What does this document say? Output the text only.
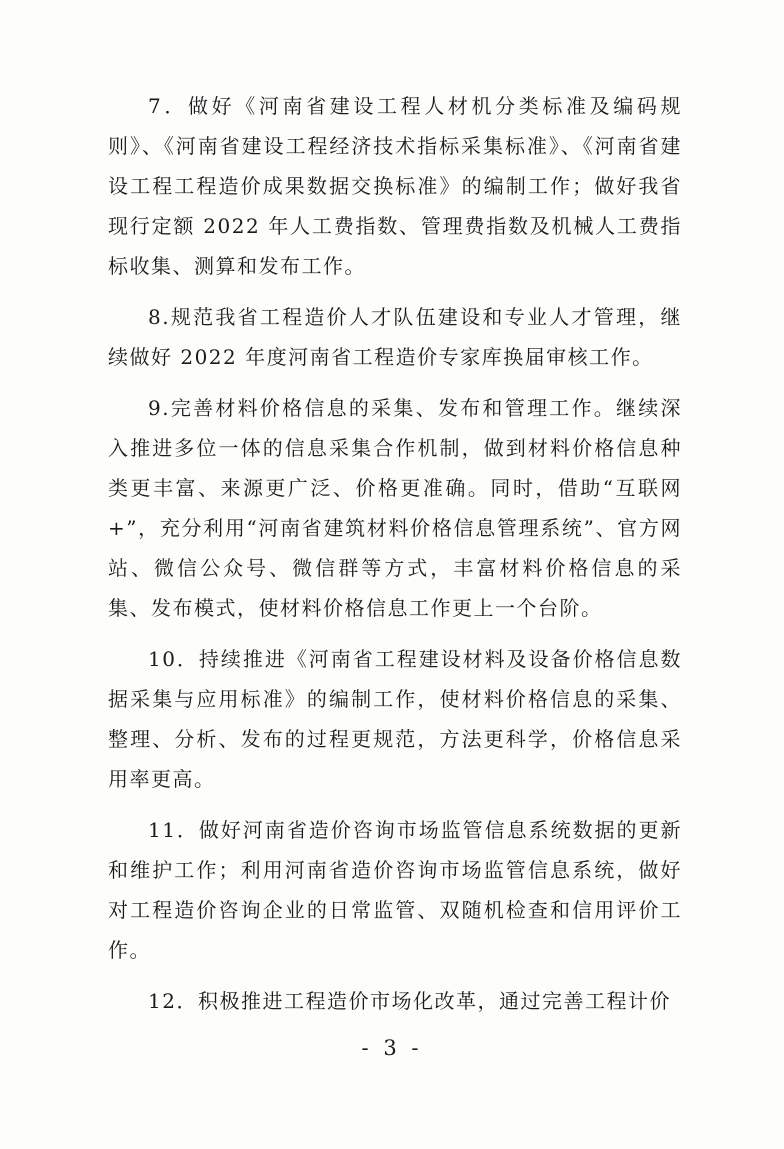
7．做好《河南省建设工程人材机分类标准及编码规则》、《河南省建设工程经济技术指标采集标准》、《河南省建设工程工程造价成果数据交换标准》的编制工作；做好我省现行定额 2022 年人工费指数、管理费指数及机械人工费指标收集、测算和发布工作。

8.规范我省工程造价人才队伍建设和专业人才管理，继续做好 2022 年度河南省工程造价专家库换届审核工作。

9.完善材料价格信息的采集、发布和管理工作。继续深入推进多位一体的信息采集合作机制，做到材料价格信息种类更丰富、来源更广泛、价格更准确。同时，借助“互联网+”，充分利用“河南省建筑材料价格信息管理系统”、官方网站、微信公众号、微信群等方式，丰富材料价格信息的采集、发布模式，使材料价格信息工作更上一个台阶。

10．持续推进《河南省工程建设材料及设备价格信息数据采集与应用标准》的编制工作，使材料价格信息的采集、整理、分析、发布的过程更规范，方法更科学，价格信息采用率更高。

11．做好河南省造价咨询市场监管信息系统数据的更新和维护工作；利用河南省造价咨询市场监管信息系统，做好对工程造价咨询企业的日常监管、双随机检查和信用评价工作。

12．积极推进工程造价市场化改革，通过完善工程计价

- 3 -
